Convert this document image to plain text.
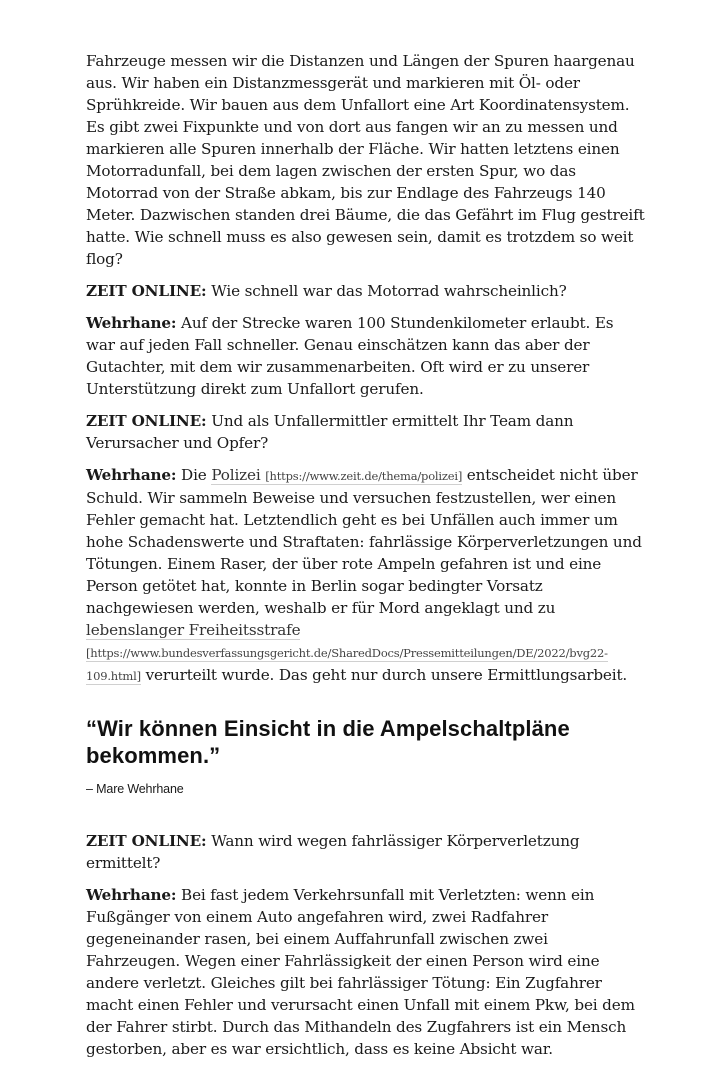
Fahrzeuge messen wir die Distanzen und Längen der Spuren haargenau aus. Wir haben ein Distanzmessgerät und markieren mit Öl- oder Sprühkreide. Wir bauen aus dem Unfallort eine Art Koordinatensystem. Es gibt zwei Fixpunkte und von dort aus fangen wir an zu messen und markieren alle Spuren innerhalb der Fläche. Wir hatten letztens einen Motorradunfall, bei dem lagen zwischen der ersten Spur, wo das Motorrad von der Straße abkam, bis zur Endlage des Fahrzeugs 140 Meter. Dazwischen standen drei Bäume, die das Gefährt im Flug gestreift hatte. Wie schnell muss es also gewesen sein, damit es trotzdem so weit flog?

ZEIT ONLINE: Wie schnell war das Motorrad wahrscheinlich?

Wehrhane: Auf der Strecke waren 100 Stundenkilometer erlaubt. Es war auf jeden Fall schneller. Genau einschätzen kann das aber der Gutachter, mit dem wir zusammenarbeiten. Oft wird er zu unserer Unterstützung direkt zum Unfallort gerufen.

ZEIT ONLINE: Und als Unfallermittler ermittelt Ihr Team dann Verursacher und Opfer?

Wehrhane: Die Polizei [https://www.zeit.de/thema/polizei] entscheidet nicht über Schuld. Wir sammeln Beweise und versuchen festzustellen, wer einen Fehler gemacht hat. Letztendlich geht es bei Unfällen auch immer um hohe Schadenswerte und Straftaten: fahrlässige Körperverletzungen und Tötungen. Einem Raser, der über rote Ampeln gefahren ist und eine Person getötet hat, konnte in Berlin sogar bedingter Vorsatz nachgewiesen werden, weshalb er für Mord angeklagt und zu lebenslanger Freiheitsstrafe [https://www.bundesverfassungsgericht.de/SharedDocs/Pressemitteilungen/DE/2022/bvg22-109.html] verurteilt wurde. Das geht nur durch unsere Ermittlungsarbeit.

“Wir können Einsicht in die Ampelschaltpläne bekommen.”
– Mare Wehrhane

ZEIT ONLINE: Wann wird wegen fahrlässiger Körperverletzung ermittelt?

Wehrhane: Bei fast jedem Verkehrsunfall mit Verletzten: wenn ein Fußgänger von einem Auto angefahren wird, zwei Radfahrer gegeneinander rasen, bei einem Auffahrunfall zwischen zwei Fahrzeugen. Wegen einer Fahrlässigkeit der einen Person wird eine andere verletzt. Gleiches gilt bei fahrlässiger Tötung: Ein Zugfahrer macht einen Fehler und verursacht einen Unfall mit einem Pkw, bei dem der Fahrer stirbt. Durch das Mithandeln des Zugfahrers ist ein Mensch gestorben, aber es war ersichtlich, dass es keine Absicht war.
